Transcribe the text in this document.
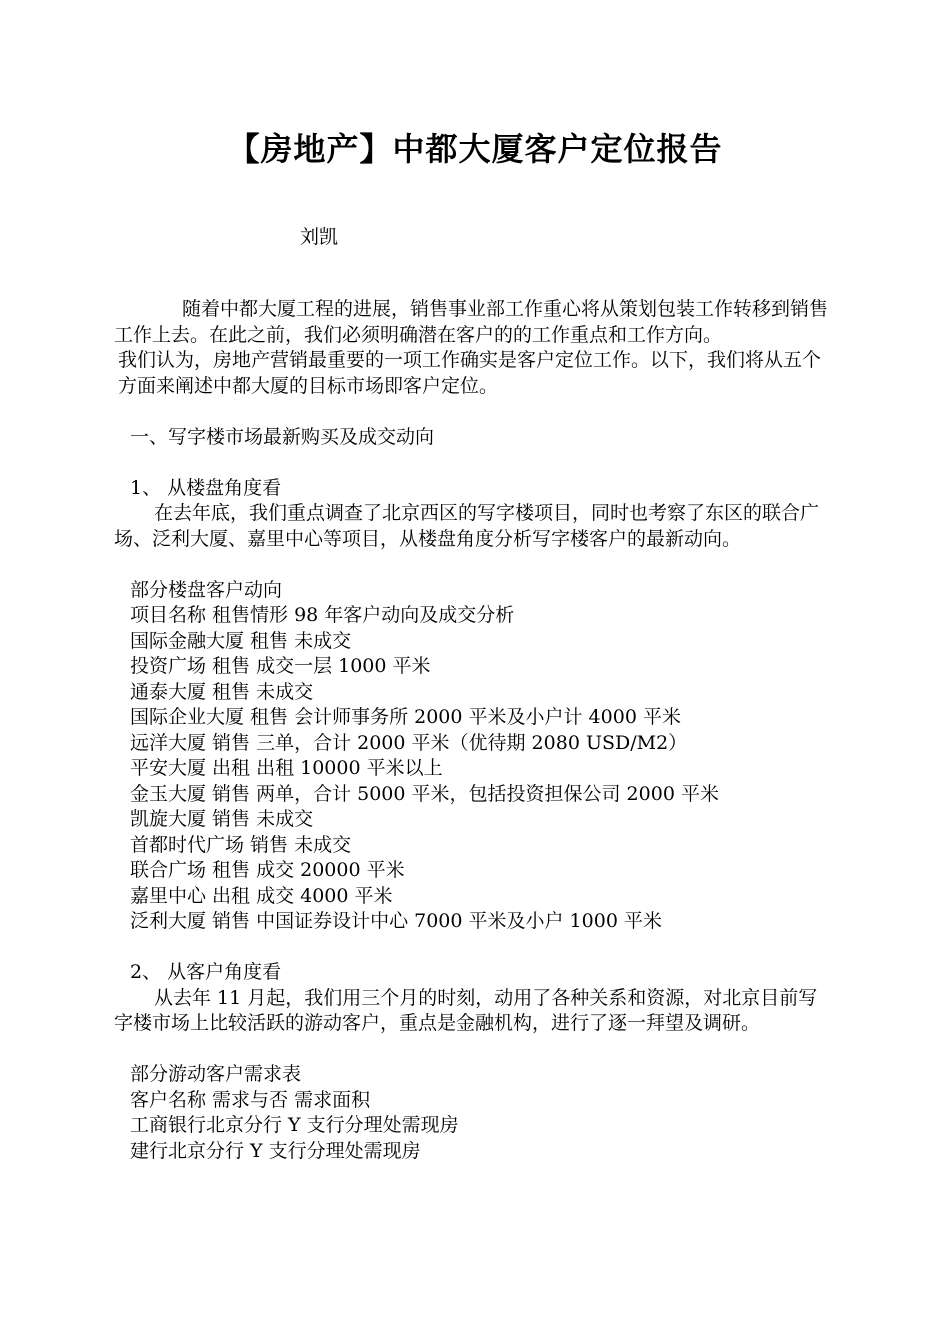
【房地产】中都大厦客户定位报告

刘凯

随着中都大厦工程的进展，销售事业部工作重心将从策划包装工作转移到销售工作上去。在此之前，我们必须明确潜在客户的的工作重点和工作方向。

我们认为，房地产营销最重要的一项工作确实是客户定位工作。以下，我们将从五个方面来阐述中都大厦的目标市场即客户定位。

一、写字楼市场最新购买及成交动向

1、 从楼盘角度看

在去年底，我们重点调查了北京西区的写字楼项目，同时也考察了东区的联合广场、泛利大厦、嘉里中心等项目，从楼盘角度分析写字楼客户的最新动向。

部分楼盘客户动向
项目名称 租售情形 98 年客户动向及成交分析
国际金融大厦 租售 未成交
投资广场 租售 成交一层 1000 平米
通泰大厦 租售 未成交
国际企业大厦 租售 会计师事务所 2000 平米及小户计 4000 平米
远洋大厦 销售 三单，合计 2000 平米（优待期 2080 USD/M2）
平安大厦 出租 出租 10000 平米以上
金玉大厦 销售 两单，合计 5000 平米，包括投资担保公司 2000 平米
凯旋大厦 销售 未成交
首都时代广场 销售 未成交
联合广场 租售 成交 20000 平米
嘉里中心 出租 成交 4000 平米
泛利大厦 销售 中国证券设计中心 7000 平米及小户 1000 平米

2、 从客户角度看

从去年 11 月起，我们用三个月的时刻，动用了各种关系和资源，对北京目前写字楼市场上比较活跃的游动客户，重点是金融机构，进行了逐一拜望及调研。

部分游动客户需求表
客户名称 需求与否 需求面积
工商银行北京分行 Y 支行分理处需现房
建行北京分行 Y 支行分理处需现房
